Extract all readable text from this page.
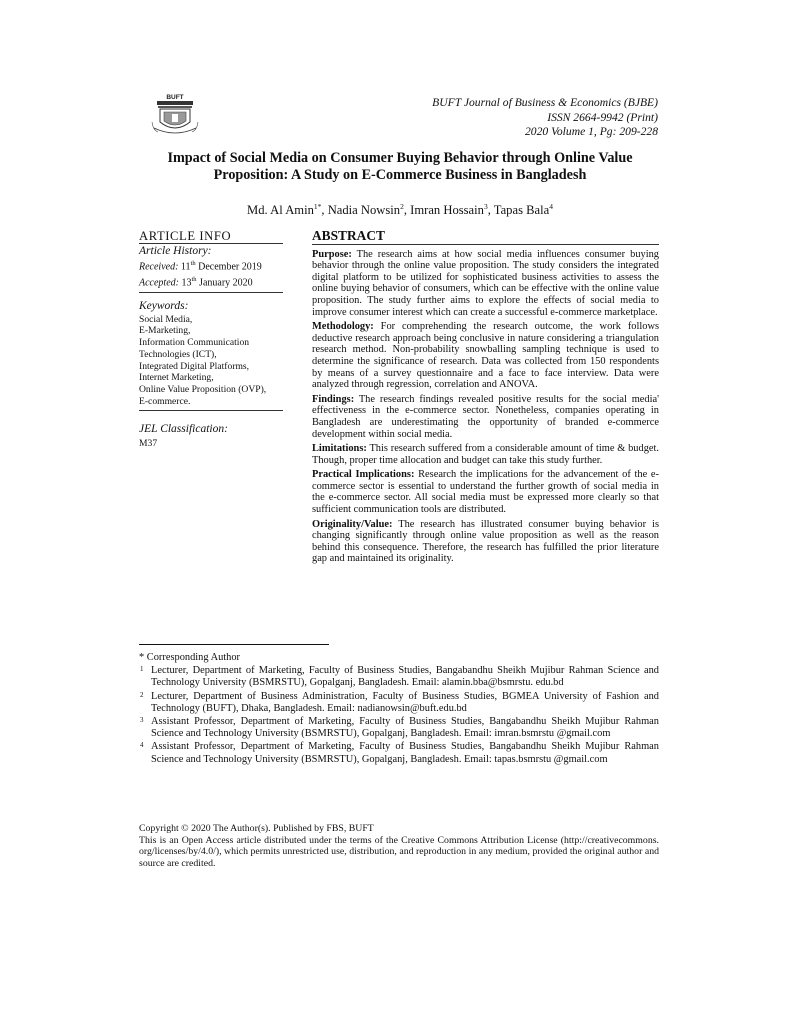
BUFT	BUFT Journal of Business & Economics (BJBE)
ISSN 2664-9942 (Print)
2020 Volume 1, Pg: 209-228
Impact of Social Media on Consumer Buying Behavior through Online Value Proposition: A Study on E-Commerce Business in Bangladesh
Md. Al Amin$^{1*}$, Nadia Nowsin$^2$, Imran Hossain$^3$, Tapas Bala$^4$
ARTICLE INFO
Article History:
Received: 11th December 2019
Accepted: 13th January 2020
Keywords:
Social Media,
E-Marketing,
Information Communication Technologies (ICT),
Integrated Digital Platforms,
Internet Marketing,
Online Value Proposition (OVP),
E-commerce.
JEL Classification:
M37
ABSTRACT
Purpose: The research aims at how social media influences consumer buying behavior through the online value proposition. The study considers the integrated digital platform to be utilized for sophisticated business activities to assess the online buying behavior of consumers, which can be effective with the online value proposition. The study further aims to explore the effects of social media to improve consumer interest which can create a successful e-commerce marketplace.
Methodology: For comprehending the research outcome, the work follows deductive research approach being conclusive in nature considering a triangulation research method. Non-probability snowballing sampling technique is used to determine the significance of research. Data was collected from 150 respondents by means of a survey questionnaire and a face to face interview. Data were analyzed through regression, correlation and ANOVA.
Findings: The research findings revealed positive results for the social media' effectiveness in the e-commerce sector. Nonetheless, companies operating in Bangladesh are underestimating the opportunity of branded e-commerce development within social media.
Limitations: This research suffered from a considerable amount of time & budget. Though, proper time allocation and budget can take this study further.
Practical Implications: Research the implications for the advancement of the e-commerce sector is essential to understand the further growth of social media in the e-commerce sector. All social media must be expressed more clearly so that sufficient communication tools are distributed.
Originality/Value: The research has illustrated consumer buying behavior is changing significantly through online value proposition as well as the reason behind this consequence. Therefore, the research has fulfilled the prior literature gap and maintained its originality.
* Corresponding Author
1 Lecturer, Department of Marketing, Faculty of Business Studies, Bangabandhu Sheikh Mujibur Rahman Science and Technology University (BSMRSTU), Gopalganj, Bangladesh. Email: alamin.bba@bsmrstu. edu.bd
2 Lecturer, Department of Business Administration, Faculty of Business Studies, BGMEA University of Fashion and Technology (BUFT), Dhaka, Bangladesh. Email: nadianowsin@buft.edu.bd
3 Assistant Professor, Department of Marketing, Faculty of Business Studies, Bangabandhu Sheikh Mujibur Rahman Science and Technology University (BSMRSTU), Gopalganj, Bangladesh. Email: imran.bsmrstu @gmail.com
4 Assistant Professor, Department of Marketing, Faculty of Business Studies, Bangabandhu Sheikh Mujibur Rahman Science and Technology University (BSMRSTU), Gopalganj, Bangladesh. Email: tapas.bsmrstu @gmail.com
Copyright © 2020 The Author(s). Published by FBS, BUFT
This is an Open Access article distributed under the terms of the Creative Commons Attribution License (http://creativecommons. org/licenses/by/4.0/), which permits unrestricted use, distribution, and reproduction in any medium, provided the original author and source are credited.
